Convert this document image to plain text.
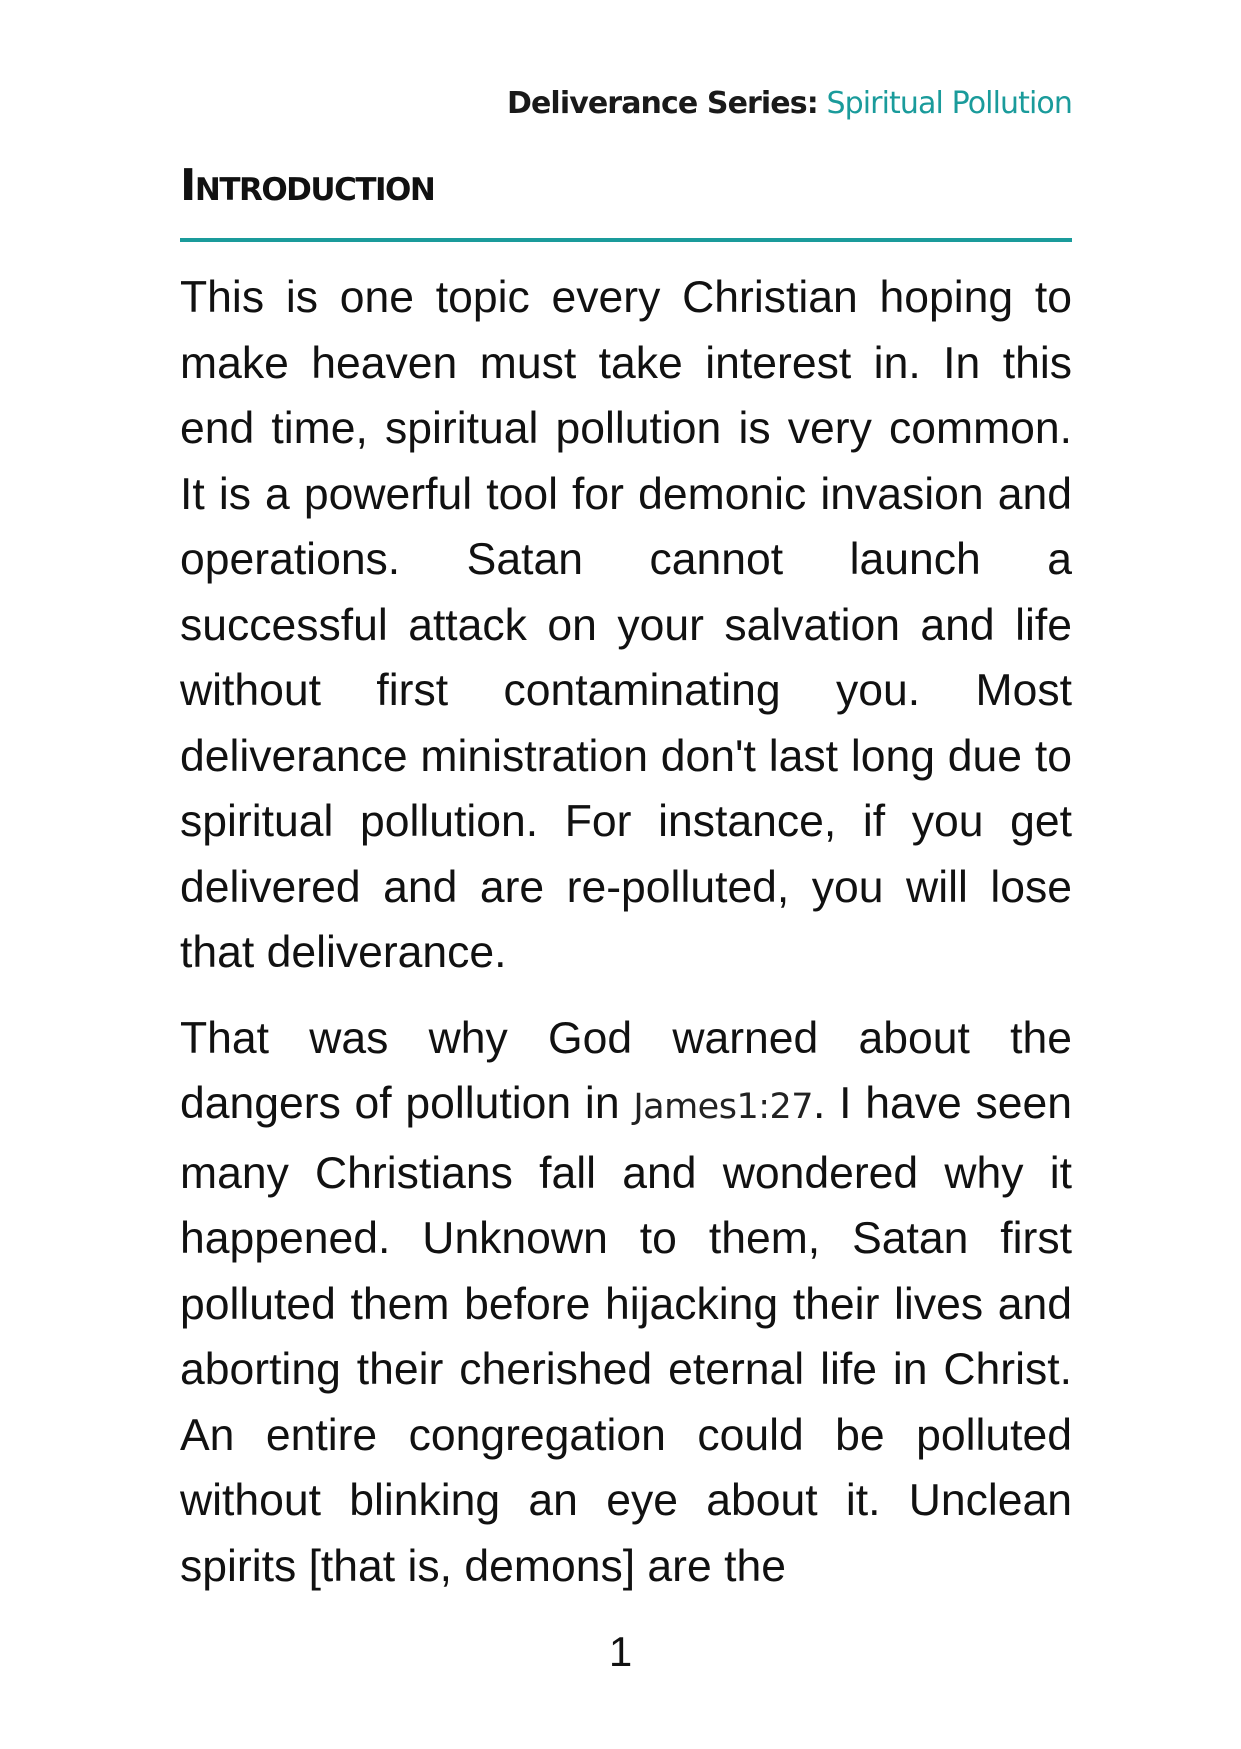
Deliverance Series: Spiritual Pollution
Introduction

This is one topic every Christian hoping to make heaven must take interest in. In this end time, spiritual pollution is very common. It is a powerful tool for demonic invasion and operations. Satan cannot launch a successful attack on your salvation and life without first contaminating you. Most deliverance ministration don't last long due to spiritual pollution. For instance, if you get delivered and are re-polluted, you will lose that deliverance.

That was why God warned about the dangers of pollution in James1:27. I have seen many Christians fall and wondered why it happened. Unknown to them, Satan first polluted them before hijacking their lives and aborting their cherished eternal life in Christ. An entire congregation could be polluted without blinking an eye about it. Unclean spirits [that is, demons] are the

1
